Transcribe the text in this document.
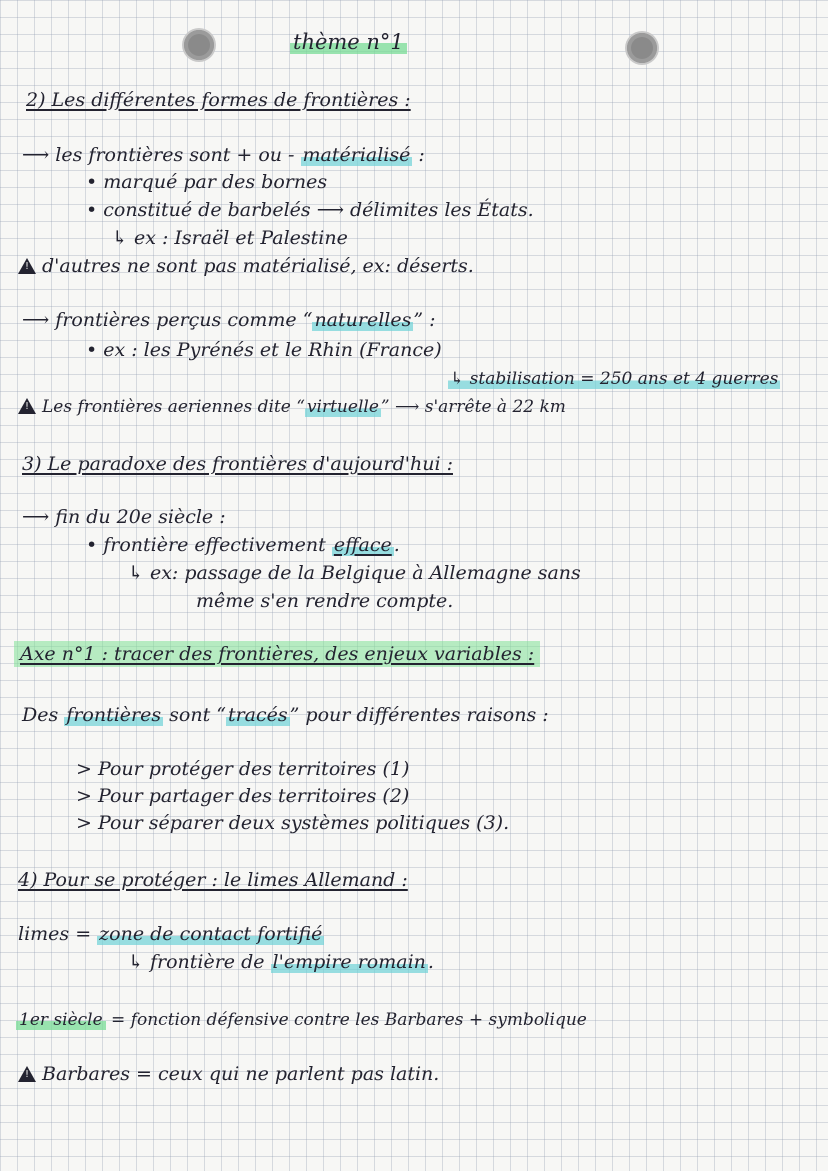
thème n°1
2) Les différentes formes de frontières :
⟶ les frontières sont + ou - matérialisé :
• marqué par des bornes
• constitué de barbelés ⟶ délimites les États.
↳ ex : Israël et Palestine
!d'autres ne sont pas matérialisé, ex: déserts.
⟶ frontières perçus comme “ naturelles ” :
• ex : les Pyrénés et le Rhin (France)
↳ stabilisation = 250 ans et 4 guerres
!Les frontières aeriennes dite “ virtuelle ” ⟶ s'arrête à 22 km
3) Le paradoxe des frontières d'aujourd'hui :
⟶ fin du 20e siècle :
• frontière effectivement efface .
↳ ex: passage de la Belgique à Allemagne sans
même s'en rendre compte.
Axe n°1 : tracer des frontières, des enjeux variables :
Des frontières sont “ tracés ” pour différentes raisons :
> Pour protéger des territoires (1)
> Pour partager des territoires (2)
> Pour séparer deux systèmes politiques (3).
4) Pour se protéger : le limes Allemand :
limes = zone de contact fortifié
↳ frontière de l'empire romain .
1er siècle = fonction défensive contre les Barbares + symbolique
!Barbares = ceux qui ne parlent pas latin.
